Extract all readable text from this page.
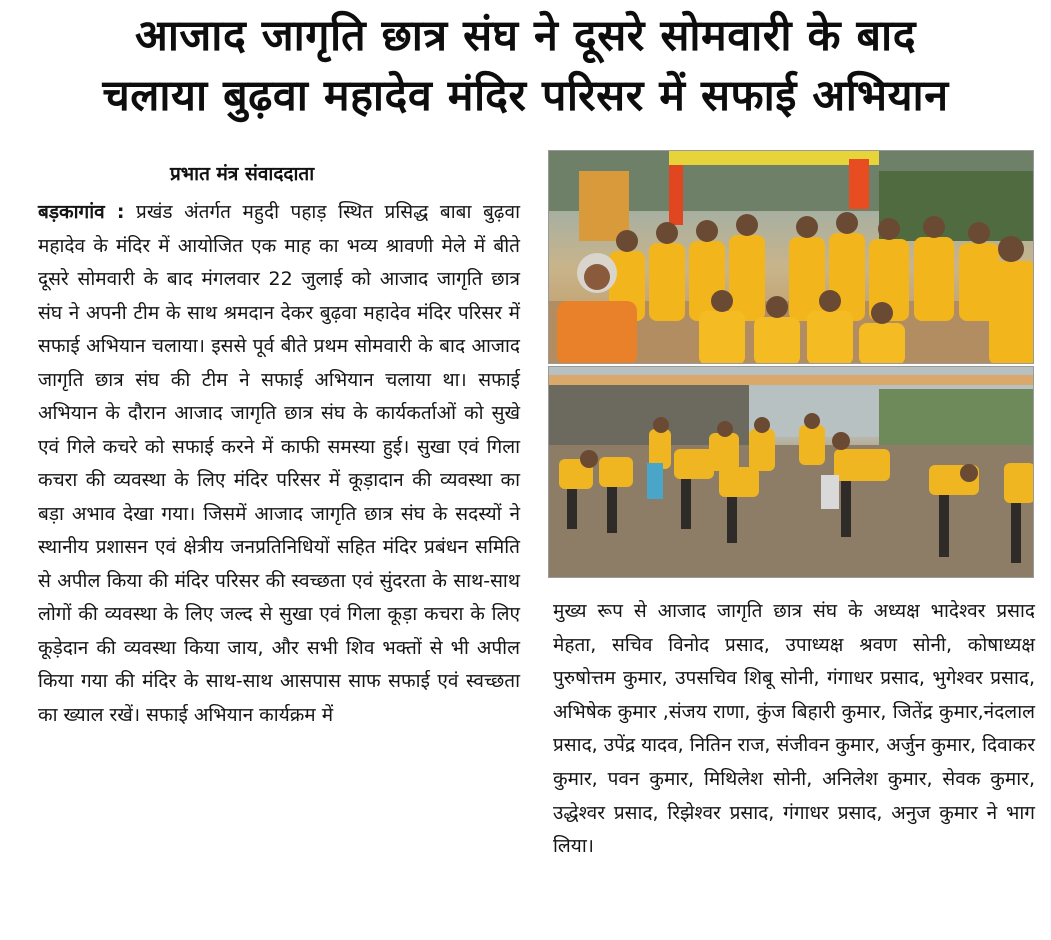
आजाद जागृति छात्र संघ ने दूसरे सोमवारी के बाद
चलाया बुढ़वा महादेव मंदिर परिसर में सफाई अभियान
प्रभात मंत्र संवाददाता
बड़कागांव : प्रखंड अंतर्गत महुदी पहाड़ स्थित प्रसिद्ध बाबा बुढ़वा महादेव के मंदिर में आयोजित एक माह का भव्य श्रावणी मेले में बीते दूसरे सोमवारी के बाद मंगलवार 22 जुलाई को आजाद जागृति छात्र संघ ने अपनी टीम के साथ श्रमदान देकर बुढ़वा महादेव मंदिर परिसर में सफाई अभियान चलाया। इससे पूर्व बीते प्रथम सोमवारी के बाद आजाद जागृति छात्र संघ की टीम ने सफाई अभियान चलाया था। सफाई अभियान के दौरान आजाद जागृति छात्र संघ के कार्यकर्ताओं को सुखे एवं गिले कचरे को सफाई करने में काफी समस्या हुई। सुखा एवं गिला कचरा की व्यवस्था के लिए मंदिर परिसर में कूड़ादान की व्यवस्था का बड़ा अभाव देखा गया। जिसमें आजाद जागृति छात्र संघ के सदस्यों ने स्थानीय प्रशासन एवं क्षेत्रीय जनप्रतिनिधियों सहित मंदिर प्रबंधन समिति से अपील किया की मंदिर परिसर की स्वच्छता एवं सुंदरता के साथ-साथ लोगों की व्यवस्था के लिए जल्द से सुखा एवं गिला कूड़ा कचरा के लिए कूड़ेदान की व्यवस्था किया जाय, और सभी शिव भक्तों से भी अपील किया गया की मंदिर के साथ-साथ आसपास साफ सफाई एवं स्वच्छता का ख्याल रखें। सफाई अभियान कार्यक्रम में
मुख्य रूप से आजाद जागृति छात्र संघ के अध्यक्ष भादेश्वर प्रसाद मेहता, सचिव विनोद प्रसाद, उपाध्यक्ष श्रवण सोनी, कोषाध्यक्ष पुरुषोत्तम कुमार, उपसचिव शिबू सोनी, गंगाधर प्रसाद, भुगेश्वर प्रसाद, अभिषेक कुमार ,संजय राणा, कुंज बिहारी कुमार, जितेंद्र कुमार,नंदलाल प्रसाद, उपेंद्र यादव, नितिन राज, संजीवन कुमार, अर्जुन कुमार, दिवाकर कुमार, पवन कुमार, मिथिलेश सोनी, अनिलेश कुमार, सेवक कुमार, उद्धेश्वर प्रसाद, रिझेश्वर प्रसाद, गंगाधर प्रसाद, अनुज कुमार ने भाग लिया।
